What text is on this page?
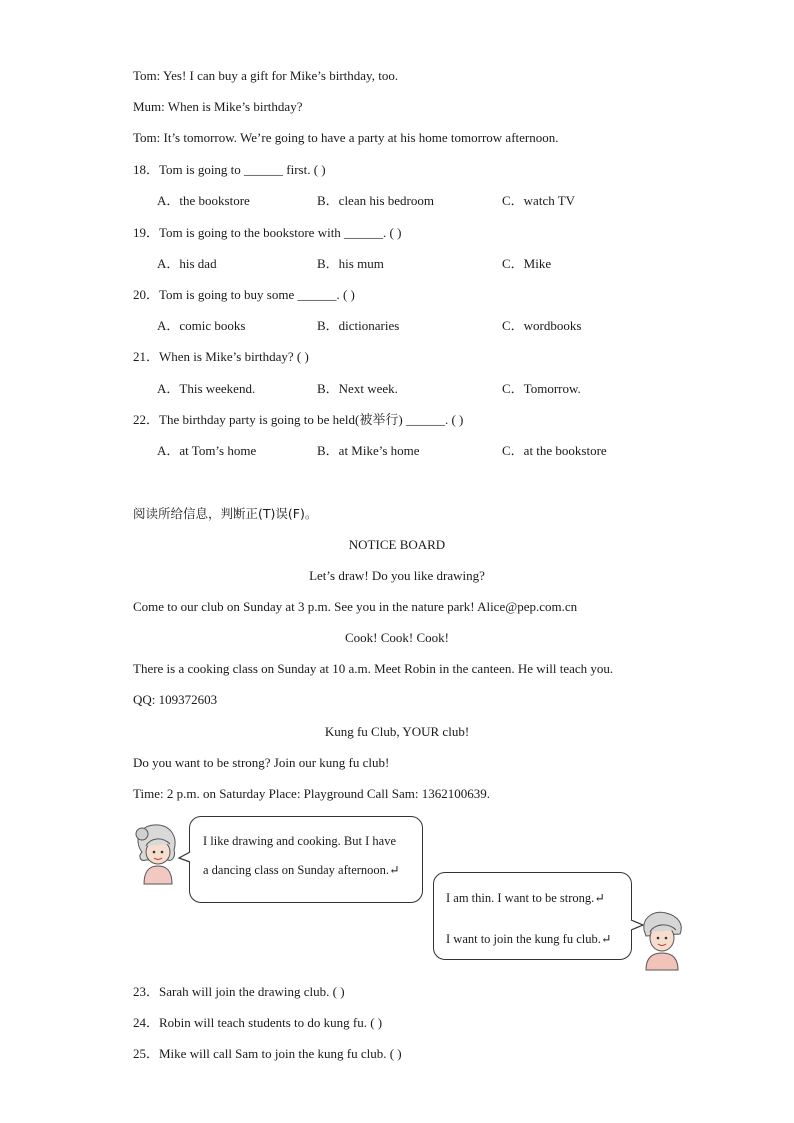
Tom: Yes! I can buy a gift for Mike’s birthday, too.
Mum: When is Mike’s birthday?
Tom: It’s tomorrow. We’re going to have a party at his home tomorrow afternoon.
18．Tom is going to ______ first. ( )
A．the bookstore	B．clean his bedroom	C．watch TV
19．Tom is going to the bookstore with ______. ( )
A．his dad	B．his mum	C．Mike
20．Tom is going to buy some ______. ( )
A．comic books	B．dictionaries	C．wordbooks
21．When is Mike’s birthday? ( )
A．This weekend.	B．Next week.	C．Tomorrow.
22．The birthday party is going to be held(被举行) ______. ( )
A．at Tom’s home	B．at Mike’s home	C．at the bookstore
阅读所给信息，判断正(T)误(F)。
NOTICE BOARD
Let’s draw! Do you like drawing?
Come to our club on Sunday at 3 p.m. See you in the nature park! Alice@pep.com.cn
Cook! Cook! Cook!
There is a cooking class on Sunday at 10 a.m. Meet Robin in the canteen. He will teach you.
QQ: 109372603
Kung fu Club, YOUR club!
Do you want to be strong? Join our kung fu club!
Time: 2 p.m. on Saturday Place: Playground Call Sam: 1362100639.
I like drawing and cooking. But I have
a dancing class on Sunday afternoon.↵
I am thin. I want to be strong.↵
I want to join the kung fu club.↵
23．Sarah will join the drawing club. ( )
24．Robin will teach students to do kung fu. ( )
25．Mike will call Sam to join the kung fu club. ( )
